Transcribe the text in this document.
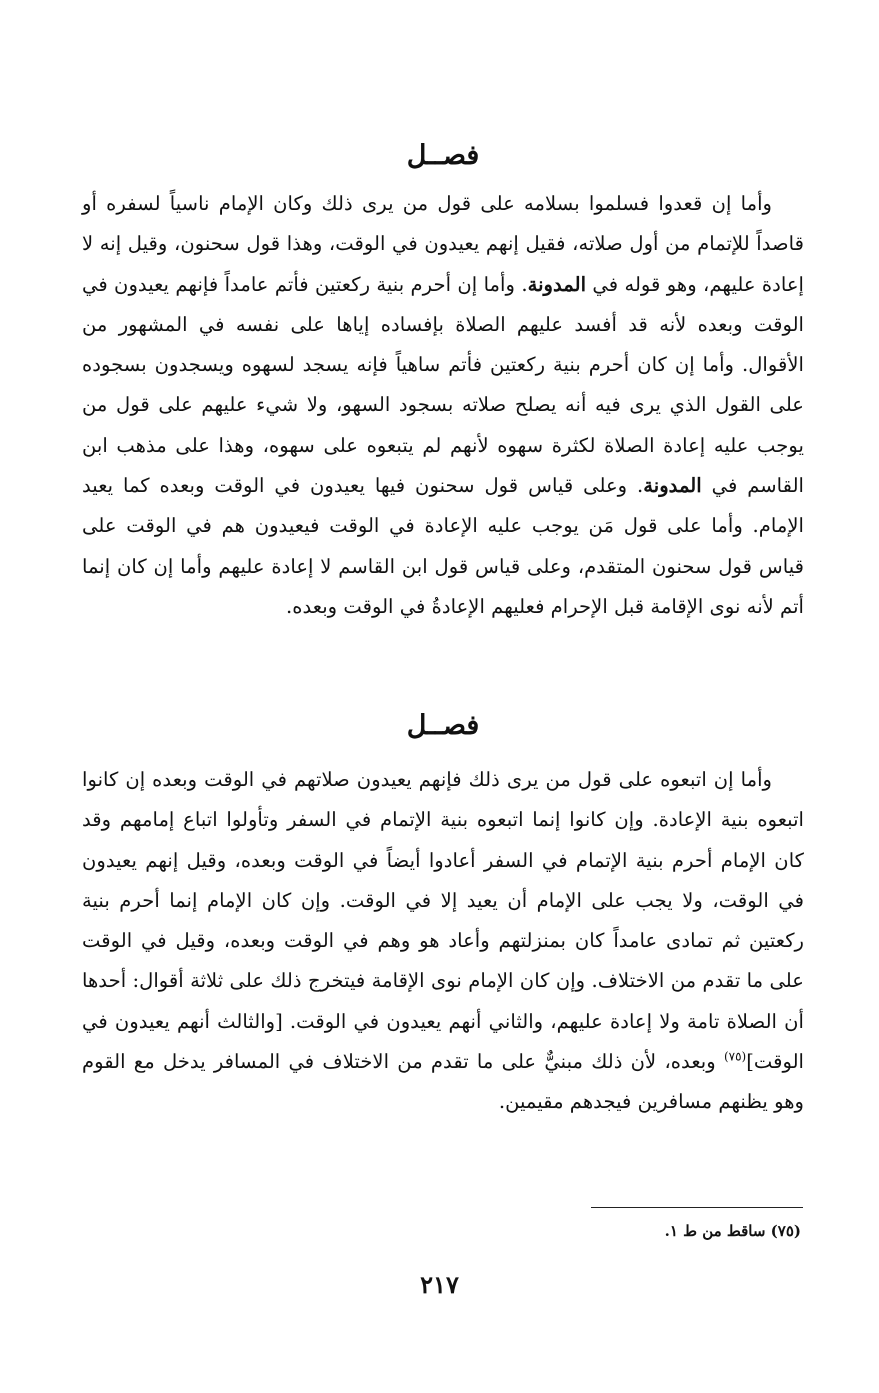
فصــل

وأما إن قعدوا فسلموا بسلامه على قول من يرى ذلك وكان الإمام ناسياً لسفره أو قاصداً للإتمام من أول صلاته، فقيل إنهم يعيدون في الوقت، وهذا قول سحنون، وقيل إنه لا إعادة عليهم، وهو قوله في المدونة. وأما إن أحرم بنية ركعتين فأتم عامداً فإنهم يعيدون في الوقت وبعده لأنه قد أفسد عليهم الصلاة بإفساده إياها على نفسه في المشهور من الأقوال. وأما إن كان أحرم بنية ركعتين فأتم ساهياً فإنه يسجد لسهوه ويسجدون بسجوده على القول الذي يرى فيه أنه يصلح صلاته بسجود السهو، ولا شيء عليهم على قول من يوجب عليه إعادة الصلاة لكثرة سهوه لأنهم لم يتبعوه على سهوه، وهذا على مذهب ابن القاسم في المدونة. وعلى قياس قول سحنون فيها يعيدون في الوقت وبعده كما يعيد الإمام. وأما على قول مَن يوجب عليه الإعادة في الوقت فيعيدون هم في الوقت على قياس قول سحنون المتقدم، وعلى قياس قول ابن القاسم لا إعادة عليهم وأما إن كان إنما أتم لأنه نوى الإقامة قبل الإحرام فعليهم الإعادةُ في الوقت وبعده.

فصــل

وأما إن اتبعوه على قول من يرى ذلك فإنهم يعيدون صلاتهم في الوقت وبعده إن كانوا اتبعوه بنية الإعادة. وإن كانوا إنما اتبعوه بنية الإتمام في السفر وتأولوا اتباع إمامهم وقد كان الإمام أحرم بنية الإتمام في السفر أعادوا أيضاً في الوقت وبعده، وقيل إنهم يعيدون في الوقت، ولا يجب على الإمام أن يعيد إلا في الوقت. وإن كان الإمام إنما أحرم بنية ركعتين ثم تمادى عامداً كان بمنزلتهم وأعاد هو وهم في الوقت وبعده، وقيل في الوقت على ما تقدم من الاختلاف. وإن كان الإمام نوى الإقامة فيتخرج ذلك على ثلاثة أقوال: أحدها أن الصلاة تامة ولا إعادة عليهم، والثاني أنهم يعيدون في الوقت. [والثالث أنهم يعيدون في الوقت]$^{(٧٥)}$ وبعده، لأن ذلك مبنيٌّ على ما تقدم من الاختلاف في المسافر يدخل مع القوم وهو يظنهم مسافرين فيجدهم مقيمين.

(٧٥) ساقط من ط ١.
٢١٧
